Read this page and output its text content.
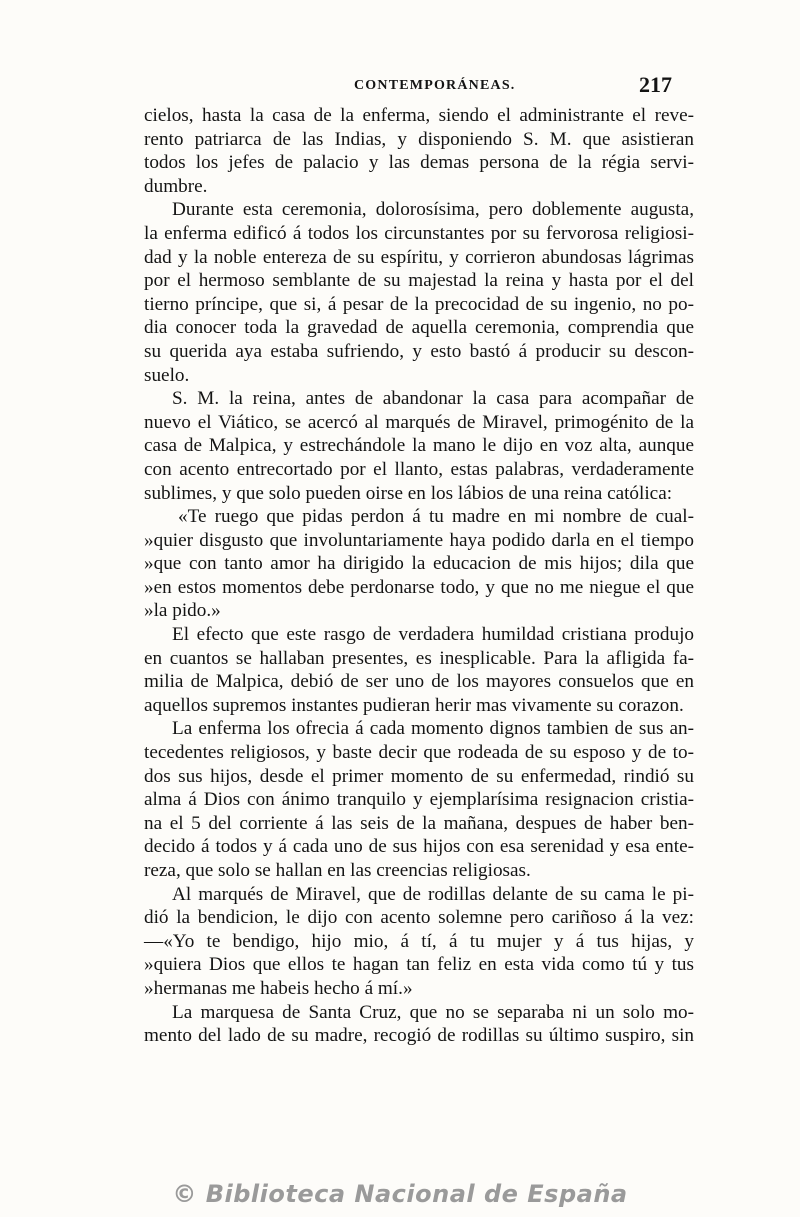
CONTEMPORÁNEAS.	217
cielos, hasta la casa de la enferma, siendo el administrante el reve-
rento patriarca de las Indias, y disponiendo S. M. que asistieran
todos los jefes de palacio y las demas persona de la régia servi-
dumbre.
Durante esta ceremonia, dolorosísima, pero doblemente augusta,
la enferma edificó á todos los circunstantes por su fervorosa religiosi-
dad y la noble entereza de su espíritu, y corrieron abundosas lágrimas
por el hermoso semblante de su majestad la reina y hasta por el del
tierno príncipe, que si, á pesar de la precocidad de su ingenio, no po-
dia conocer toda la gravedad de aquella ceremonia, comprendia que
su querida aya estaba sufriendo, y esto bastó á producir su descon-
suelo.
S. M. la reina, antes de abandonar la casa para acompañar de
nuevo el Viático, se acercó al marqués de Miravel, primogénito de la
casa de Malpica, y estrechándole la mano le dijo en voz alta, aunque
con acento entrecortado por el llanto, estas palabras, verdaderamente
sublimes, y que solo pueden oirse en los lábios de una reina católica:
«Te ruego que pidas perdon á tu madre en mi nombre de cual-
»quier disgusto que involuntariamente haya podido darla en el tiempo
»que con tanto amor ha dirigido la educacion de mis hijos; dila que
»en estos momentos debe perdonarse todo, y que no me niegue el que
»la pido.»
El efecto que este rasgo de verdadera humildad cristiana produjo
en cuantos se hallaban presentes, es inesplicable. Para la afligida fa-
milia de Malpica, debió de ser uno de los mayores consuelos que en
aquellos supremos instantes pudieran herir mas vivamente su corazon.
La enferma los ofrecia á cada momento dignos tambien de sus an-
tecedentes religiosos, y baste decir que rodeada de su esposo y de to-
dos sus hijos, desde el primer momento de su enfermedad, rindió su
alma á Dios con ánimo tranquilo y ejemplarísima resignacion cristia-
na el 5 del corriente á las seis de la mañana, despues de haber ben-
decido á todos y á cada uno de sus hijos con esa serenidad y esa ente-
reza, que solo se hallan en las creencias religiosas.
Al marqués de Miravel, que de rodillas delante de su cama le pi-
dió la bendicion, le dijo con acento solemne pero cariñoso á la vez:
—«Yo te bendigo, hijo mio, á tí, á tu mujer y á tus hijas, y
»quiera Dios que ellos te hagan tan feliz en esta vida como tú y tus
»hermanas me habeis hecho á mí.»
La marquesa de Santa Cruz, que no se separaba ni un solo mo-
mento del lado de su madre, recogió de rodillas su último suspiro, sin
© Biblioteca Nacional de España
